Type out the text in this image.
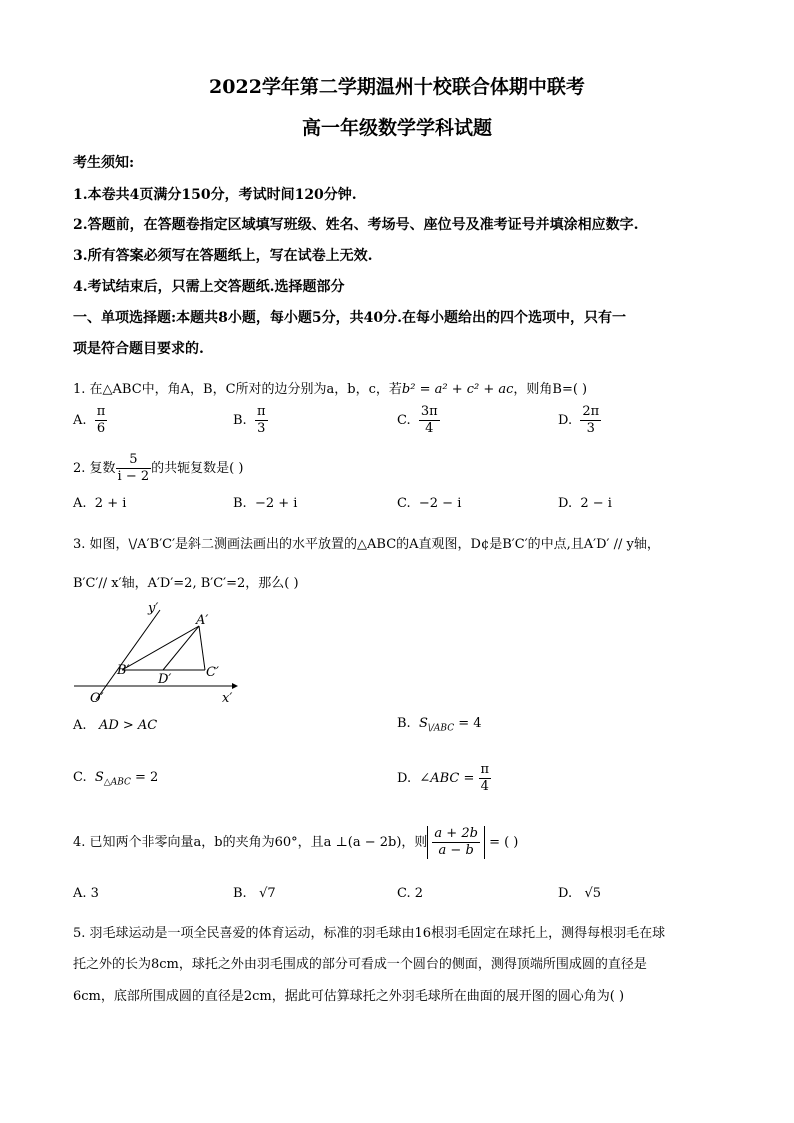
2022学年第二学期温州十校联合体期中联考
高一年级数学学科试题
考生须知:
1.本卷共4页满分150分，考试时间120分钟.
2.答题前，在答题卷指定区域填写班级、姓名、考场号、座位号及准考证号并填涂相应数字.
3.所有答案必须写在答题纸上，写在试卷上无效.
4.考试结束后，只需上交答题纸.选择题部分
一、单项选择题:本题共8小题，每小题5分，共40分.在每小题给出的四个选项中，只有一
项是符合题目要求的.
1. 在△ABC中，角A，B，C所对的边分别为a，b，c，若b² = a² + c² + ac，则角B=( )
A. $\frac{\pi}{6}$	B. $\frac{\pi}{3}$	C. $\frac{3\pi}{4}$	D. $\frac{2\pi}{3}$
2. 复数 $\frac{5}{i - 2}$ 的共轭复数是( )
A. 2 + i	B. −2 + i	C. −2 − i	D. 2 − i
3. 如图，\/A′B′C′是斜二测画法画出的水平放置的△ABC的A直观图，D¢是B′C′的中点,且A′D′ // y轴，
B′C′// x′轴，A′D′=2, B′C′=2，那么( )
y′
x′
O′
A′
B′	C′
D′
A. AD > AC	B. $S_{\backslash/ABC} = 4$
C. $S_{\triangle ABC} = 2$	D. ∠ABC = $\frac{\pi}{4}$
4. 已知两个非零向量a，b的夹角为60°，且a ⊥(a − 2b)，则 $\frac{a + 2b}{a - b}$ = ( )
A. 3	B. √7	C. 2	D. √5
5. 羽毛球运动是一项全民喜爱的体育运动，标准的羽毛球由16根羽毛固定在球托上，测得每根羽毛在球
托之外的长为8cm，球托之外由羽毛围成的部分可看成一个圆台的侧面，测得顶端所围成圆的直径是
6cm，底部所围成圆的直径是2cm，据此可估算球托之外羽毛球所在曲面的展开图的圆心角为( )
